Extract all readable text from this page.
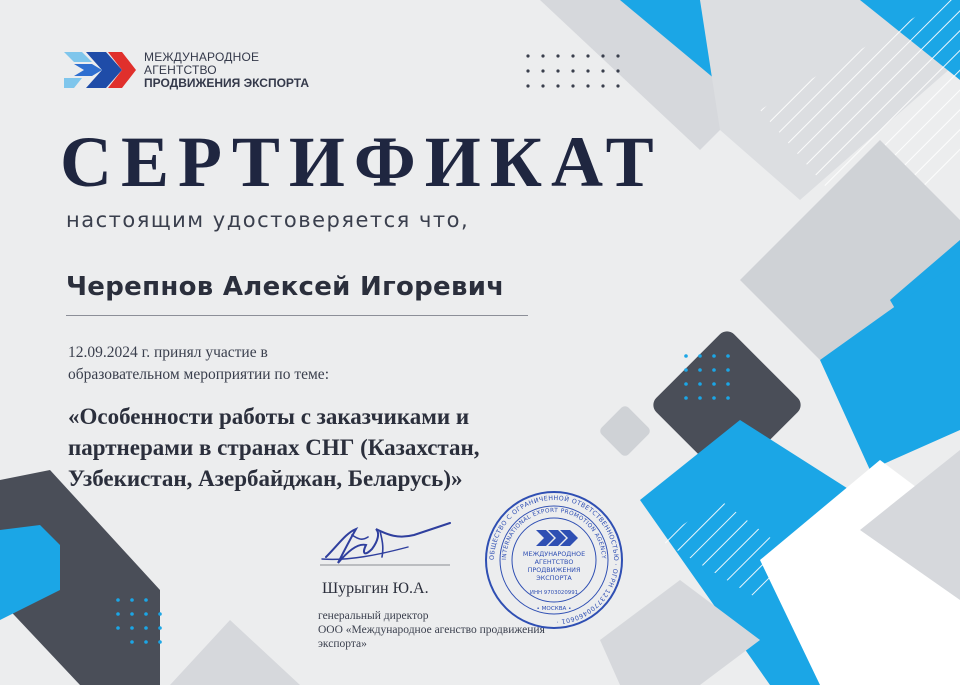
МЕЖДУНАРОДНОЕ
АГЕНТСТВО
ПРОДВИЖЕНИЯ ЭКСПОРТА
СЕРТИФИКАТ
настоящим удостоверяется что,
Черепнов Алексей Игоревич
12.09.2024 г. принял участие в
образовательном мероприятии по теме:
«Особенности работы с заказчиками и
партнерами в странах СНГ (Казахстан,
Узбекистан, Азербайджан, Беларусь)»
Шурыгин Ю.А.
генеральный директор
ООО «Международное агенство продвижения
экспорта»
ОБЩЕСТВО С ОГРАНИЧЕННОЙ ОТВЕТСТВЕННОСТЬЮ · ОГРН 1237700460601 ·
INTERNATIONAL EXPORT PROMOTION AGENCY
МЕЖДУНАРОДНОЕ
АГЕНТСТВО
ПРОДВИЖЕНИЯ
ЭКСПОРТА
ИНН 9703020991
• МОСКВА •
